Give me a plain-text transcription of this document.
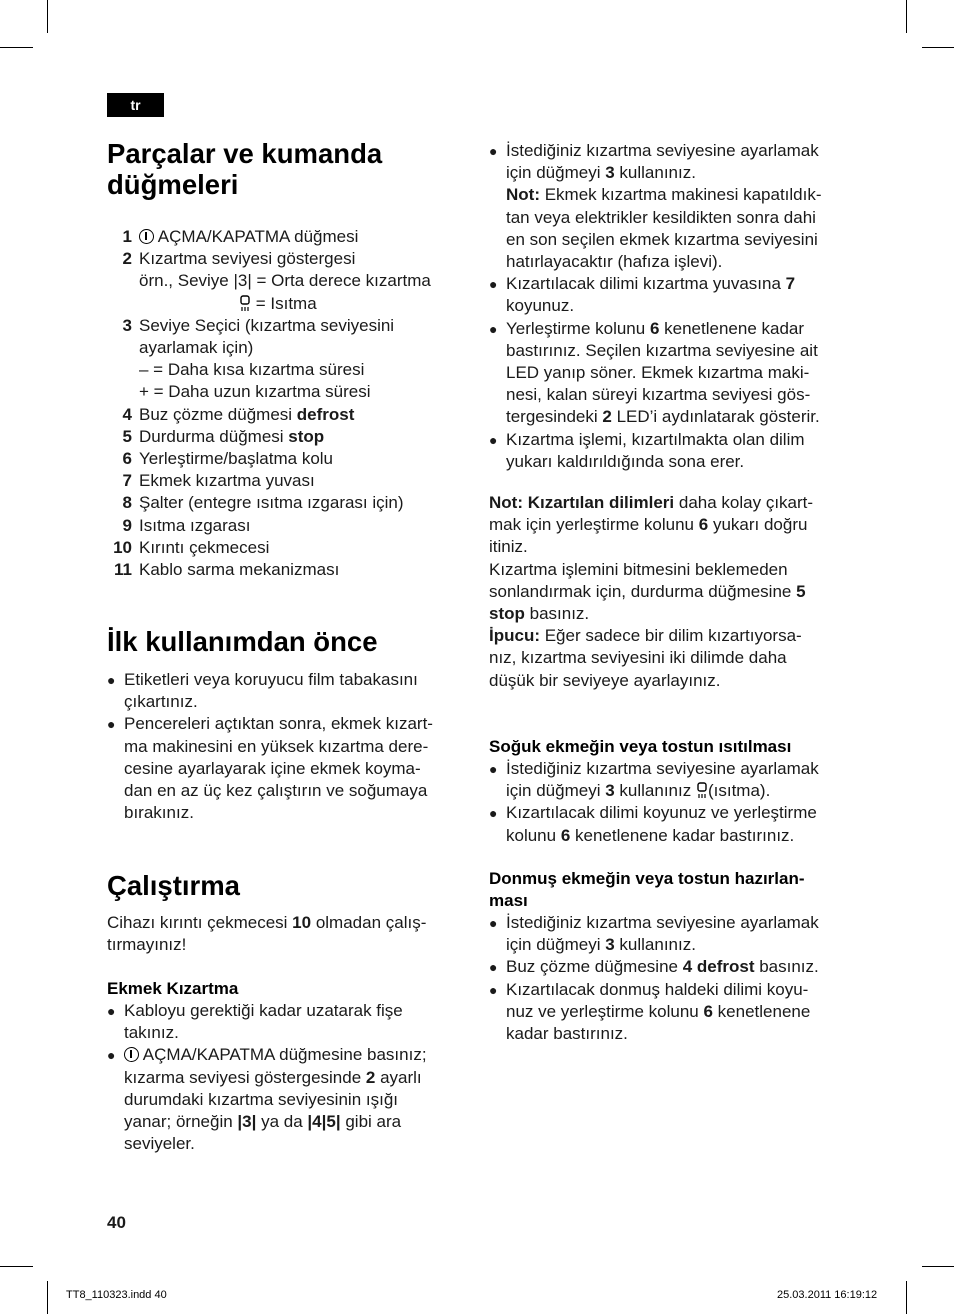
tr
Parçalar ve kumanda
düğmeleri
1	AÇMA/KAPATMA düğmesi
2 Kızartma seviyesi göstergesi
örn., Seviye |3| = Orta derece kızartma
= Isıtma
3 Seviye Seçici (kızartma seviyesini
ayarlamak için)
– = Daha kısa kızartma süresi
+ = Daha uzun kızartma süresi
4 Buz çözme düğmesi defrost
5 Durdurma düğmesi stop
6 Yerleştirme/başlatma kolu
7 Ekmek kızartma yuvası
8 Şalter (entegre ısıtma ızgarası için)
9 Isıtma ızgarası
10 Kırıntı çekmecesi
11 Kablo sarma mekanizması
İlk kullanımdan önce
● Etiketleri veya koruyucu film tabakasını
çıkartınız.
● Pencereleri açtıktan sonra, ekmek kızart-
ma makinesini en yüksek kızartma dere-
cesine ayarlayarak içine ekmek koyma-
dan en az üç kez çalıştırın ve soğumaya
bırakınız.
Çalıştırma

Cihazı kırıntı çekmecesi 10 olmadan çalış-
tırmayınız!

Ekmek Kızartma
● Kabloyu gerektiği kadar uzatarak fişe
takınız.
● AÇMA/KAPATMA düğmesine basınız;
kızarma seviyesi göstergesinde 2 ayarlı
durumdaki kızartma seviyesinin ışığı
yanar; örneğin |3| ya da |4|5| gibi ara
seviyeler.
● İstediğiniz kızartma seviyesine ayarlamak
için düğmeyi 3 kullanınız.
Not: Ekmek kızartma makinesi kapatıldık-
tan veya elektrikler kesildikten sonra dahi
en son seçilen ekmek kızartma seviyesini
hatırlayacaktır (hafıza işlevi).
● Kızartılacak dilimi kızartma yuvasına 7
koyunuz.
● Yerleştirme kolunu 6 kenetlenene kadar
bastırınız. Seçilen kızartma seviyesine ait
LED yanıp söner. Ekmek kızartma maki-
nesi, kalan süreyi kızartma seviyesi gös-
tergesindeki 2 LED’i aydınlatarak gösterir.
● Kızartma işlemi, kızartılmakta olan dilim
yukarı kaldırıldığında sona erer.

Not: Kızartılan dilimleri daha kolay çıkart-
mak için yerleştirme kolunu 6 yukarı doğru
itiniz.
Kızartma işlemini bitmesini beklemeden
sonlandırmak için, durdurma düğmesine 5
stop basınız.
İpucu: Eğer sadece bir dilim kızartıyorsa-
nız, kızartma seviyesini iki dilimde daha
düşük bir seviyeye ayarlayınız.

Soğuk ekmeğin veya tostun ısıtılması
● İstediğiniz kızartma seviyesine ayarlamak
için düğmeyi 3 kullanınız (ısıtma).
● Kızartılacak dilimi koyunuz ve yerleştirme
kolunu 6 kenetlenene kadar bastırınız.
Donmuş ekmeğin veya tostun hazırlan-
ması
● İstediğiniz kızartma seviyesine ayarlamak
için düğmeyi 3 kullanınız.
● Buz çözme düğmesine 4 defrost basınız.
● Kızartılacak donmuş haldeki dilimi koyu-
nuz ve yerleştirme kolunu 6 kenetlenene
kadar bastırınız.
40
TT8_110323.indd 40	25.03.2011 16:19:12
